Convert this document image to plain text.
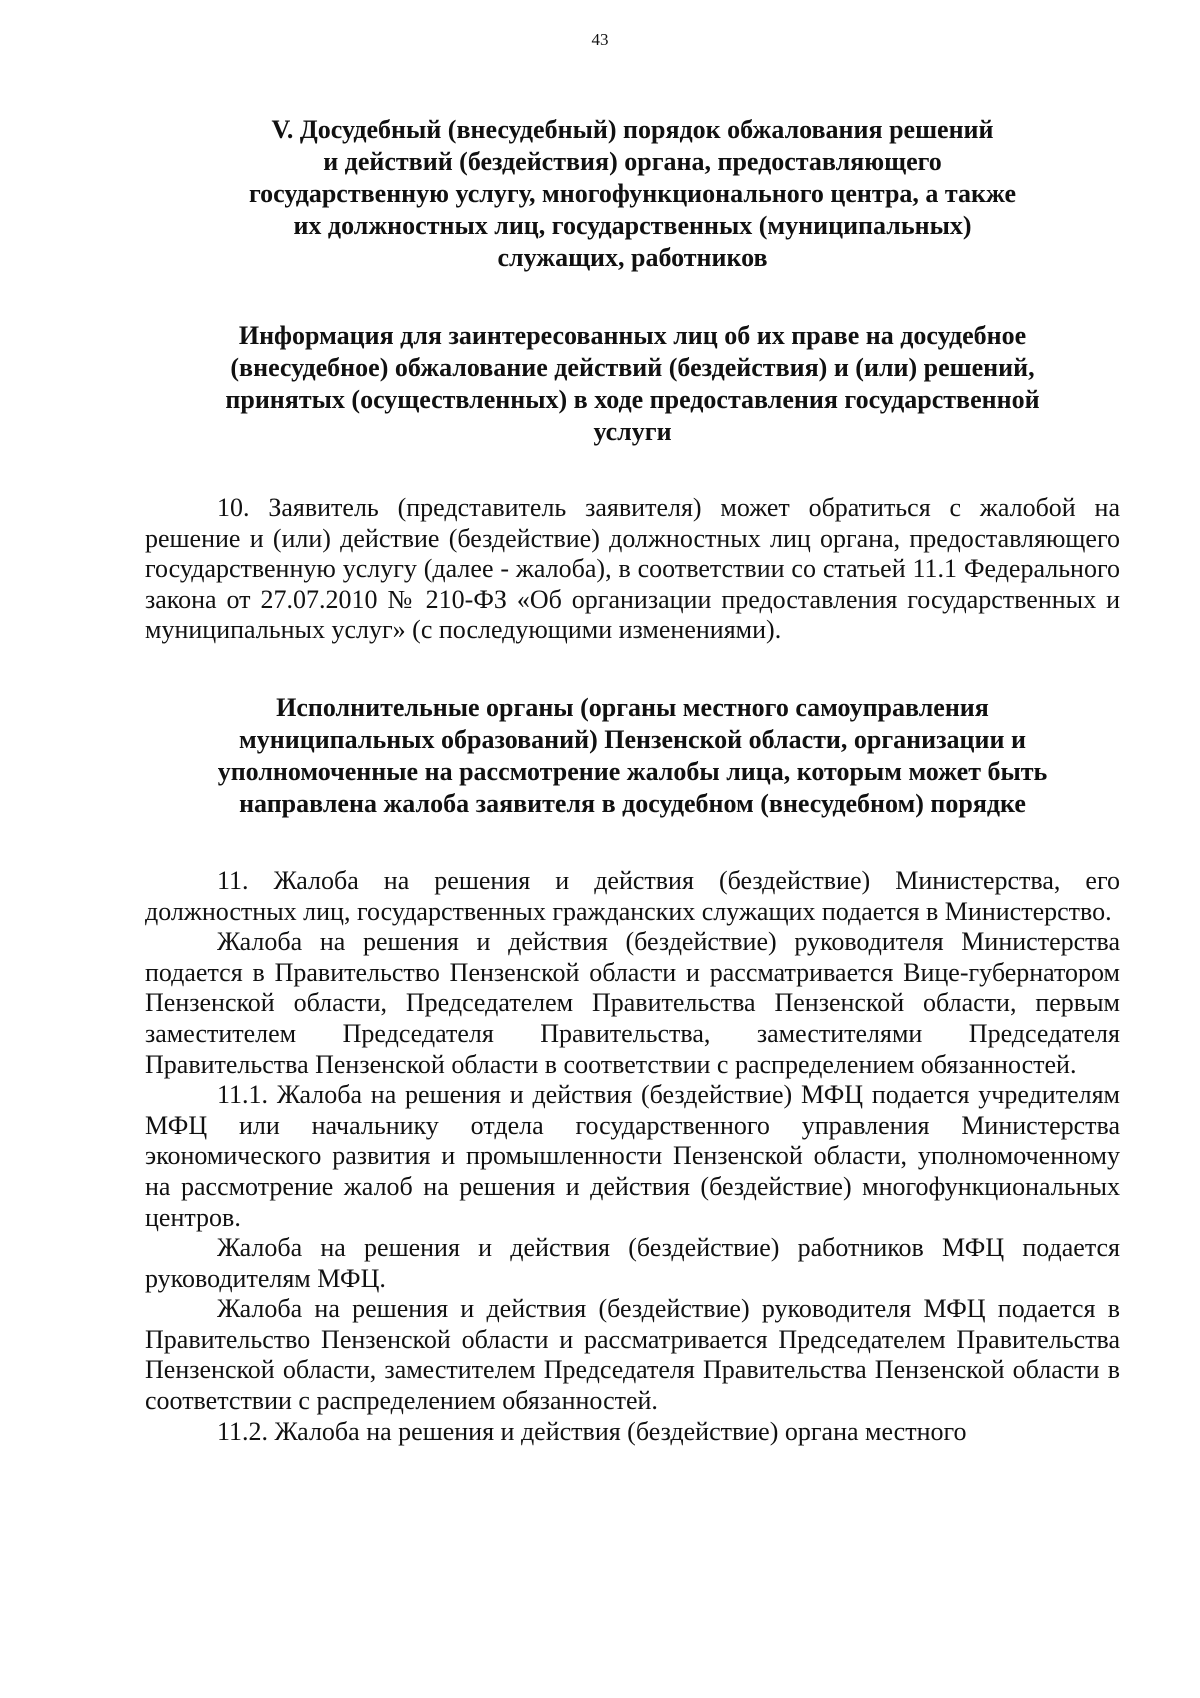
43
V. Досудебный (внесудебный) порядок обжалования решений
и действий (бездействия) органа, предоставляющего
государственную услугу, многофункционального центра, а также
их должностных лиц, государственных (муниципальных)
служащих, работников
Информация для заинтересованных лиц об их праве на досудебное
(внесудебное) обжалование действий (бездействия) и (или) решений,
принятых (осуществленных) в ходе предоставления государственной
услуги

10. Заявитель (представитель заявителя) может обратиться с жалобой на решение и (или) действие (бездействие) должностных лиц органа, предоставляющего государственную услугу (далее - жалоба), в соответствии со статьей 11.1 Федерального закона от 27.07.2010 № 210-ФЗ «Об организации предоставления государственных и муниципальных услуг» (с последующими изменениями).

Исполнительные органы (органы местного самоуправления
муниципальных образований) Пензенской области, организации и
уполномоченные на рассмотрение жалобы лица, которым может быть
направлена жалоба заявителя в досудебном (внесудебном) порядке

11. Жалоба на решения и действия (бездействие) Министерства, его должностных лиц, государственных гражданских служащих подается в Министерство.

Жалоба на решения и действия (бездействие) руководителя Министерства подается в Правительство Пензенской области и рассматривается Вице-губернатором Пензенской области, Председателем Правительства Пензенской области, первым заместителем Председателя Правительства, заместителями Председателя Правительства Пензенской области в соответствии с распределением обязанностей.

11.1. Жалоба на решения и действия (бездействие) МФЦ подается учредителям МФЦ или начальнику отдела государственного управления Министерства экономического развития и промышленности Пензенской области, уполномоченному на рассмотрение жалоб на решения и действия (бездействие) многофункциональных центров.

Жалоба на решения и действия (бездействие) работников МФЦ подается руководителям МФЦ.

Жалоба на решения и действия (бездействие) руководителя МФЦ подается в Правительство Пензенской области и рассматривается Председателем Правительства Пензенской области, заместителем Председателя Правительства Пензенской области в соответствии с распределением обязанностей.

11.2. Жалоба на решения и действия (бездействие) органа местного
